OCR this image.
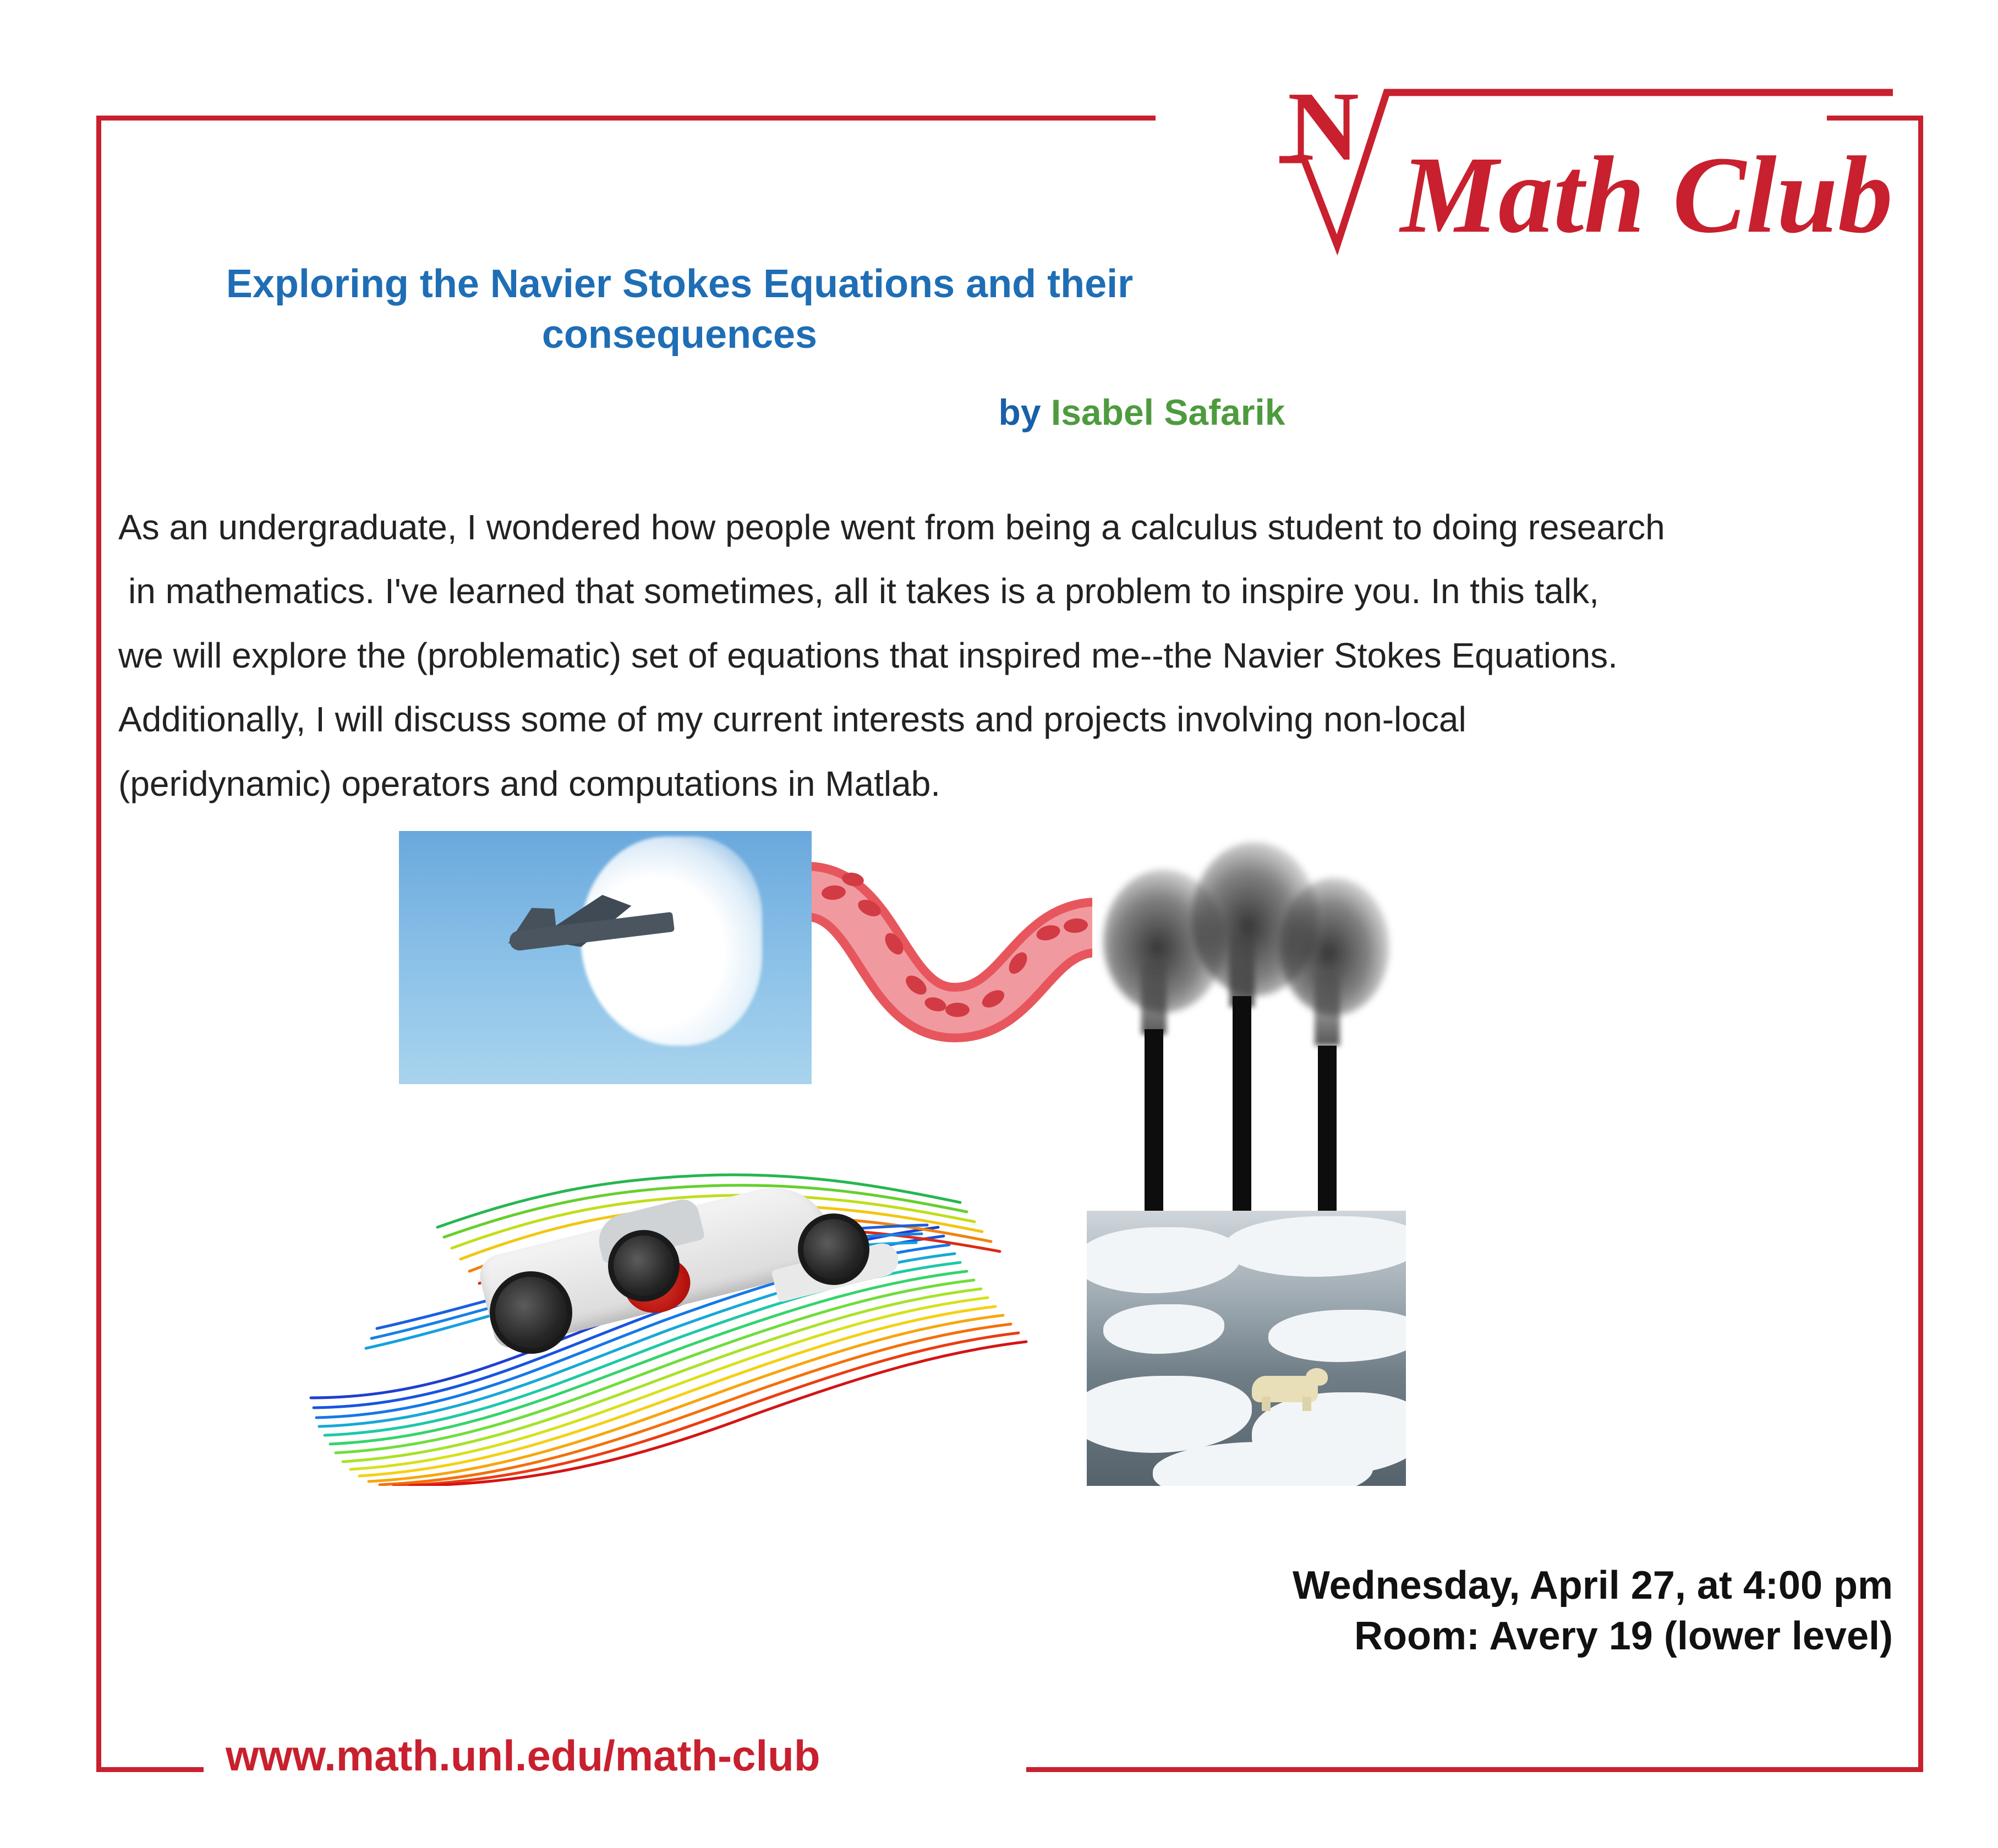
N
Math Club
Exploring the Navier Stokes Equations and their consequences
by Isabel Safarik

As an undergraduate, I wondered how people went from being a calculus student to doing research

in mathematics. I've learned that sometimes, all it takes is a problem to inspire you. In this talk,

we will explore the (problematic) set of equations that inspired me--the Navier Stokes Equations.

Additionally, I will discuss some of my current interests and projects involving non-local

(peridynamic) operators and computations in Matlab.

Wednesday, April 27, at 4:00 pm
Room: Avery 19 (lower level)
www.math.unl.edu/math-club
